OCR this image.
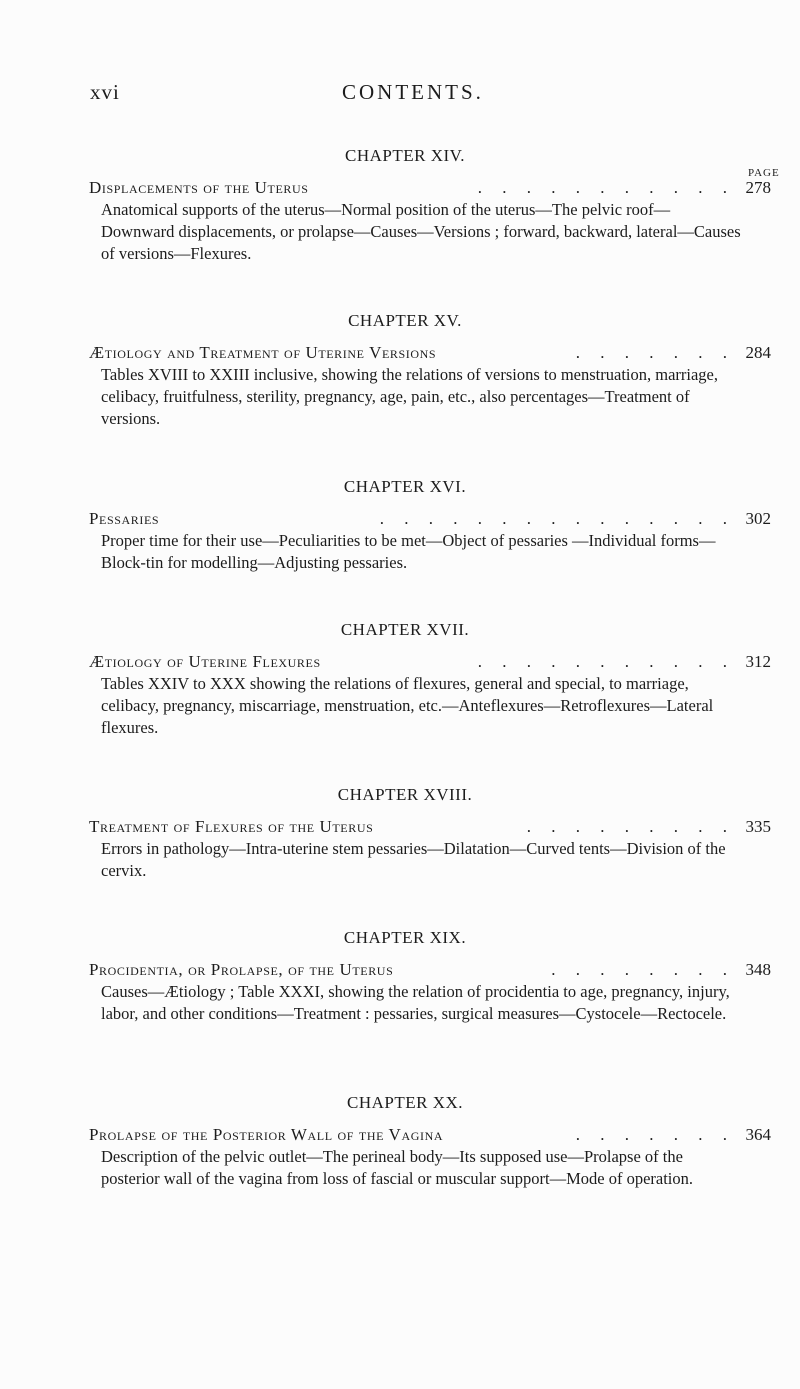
xvi	CONTENTS.
PAGE
CHAPTER XIV.
Displacements of the Uterus	. . . . . . . . . . . 278
Anatomical supports of the uterus—Normal position of the uterus—The pelvic roof—Downward displacements, or prolapse—Causes—Versions ; forward, backward, lateral—Causes of versions—Flexures.
CHAPTER XV.
Ætiology and Treatment of Uterine Versions	. . . . . . . 284
Tables XVIII to XXIII inclusive, showing the relations of versions to menstruation, marriage, celibacy, fruitfulness, sterility, pregnancy, age, pain, etc., also percentages—Treatment of versions.
CHAPTER XVI.
Pessaries	. . . . . . . . . . . . . . . 302
Proper time for their use—Peculiarities to be met—Object of pessaries —Individual forms—Block-tin for modelling—Adjusting pessaries.
CHAPTER XVII.
Ætiology of Uterine Flexures	. . . . . . . . . . . 312
Tables XXIV to XXX showing the relations of flexures, general and special, to marriage, celibacy, pregnancy, miscarriage, menstruation, etc.—Anteflexures—Retroflexures—Lateral flexures.
CHAPTER XVIII.
Treatment of Flexures of the Uterus	. . . . . . . . . 335
Errors in pathology—Intra-uterine stem pessaries—Dilatation—Curved tents—Division of the cervix.
CHAPTER XIX.
Procidentia, or Prolapse, of the Uterus	. . . . . . . . 348
Causes—Ætiology ; Table XXXI, showing the relation of procidentia to age, pregnancy, injury, labor, and other conditions—Treatment : pessaries, surgical measures—Cystocele—Rectocele.
CHAPTER XX.
Prolapse of the Posterior Wall of the Vagina	. . . . . . . 364
Description of the pelvic outlet—The perineal body—Its supposed use—Prolapse of the posterior wall of the vagina from loss of fascial or muscular support—Mode of operation.
